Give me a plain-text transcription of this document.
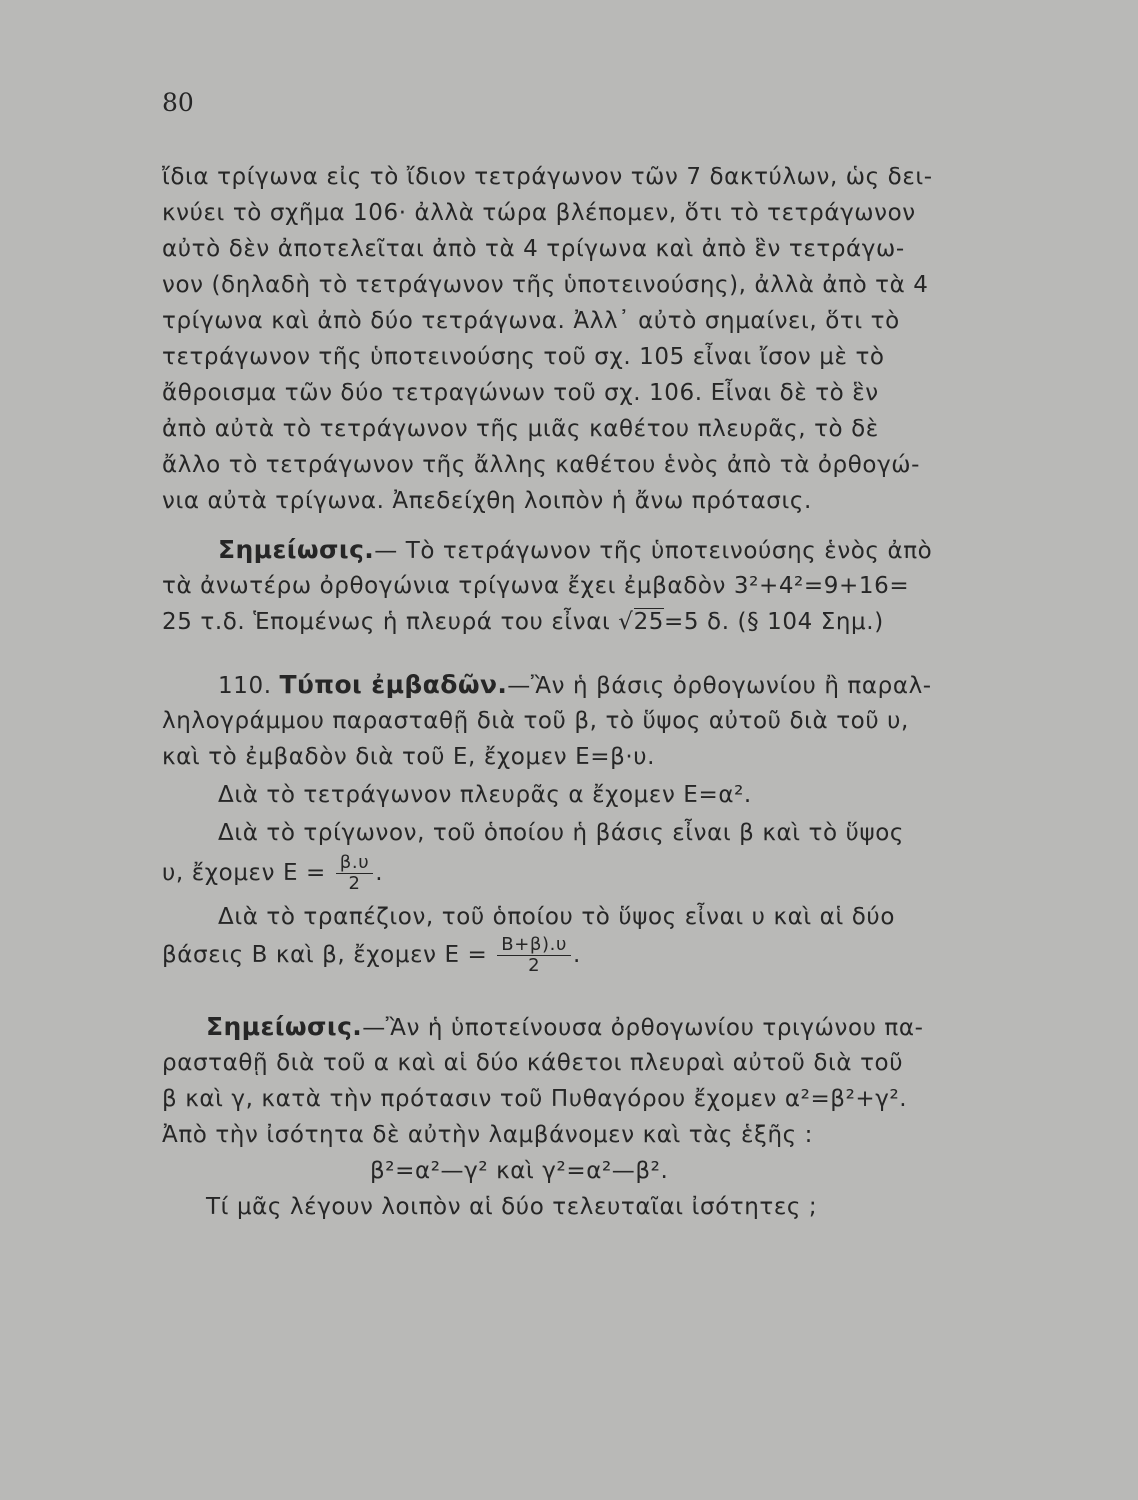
80
ἴδια τρίγωνα εἰς τὸ ἴδιον τετράγωνον τῶν 7 δακτύλων, ὡς δει-
κνύει τὸ σχῆμα 106· ἀλλὰ τώρα βλέπομεν, ὅτι τὸ τετράγωνον
αὐτὸ δὲν ἀποτελεῖται ἀπὸ τὰ 4 τρίγωνα καὶ ἀπὸ ἓν τετράγω-
νον (δηλαδὴ τὸ τετράγωνον τῆς ὑποτεινούσης), ἀλλὰ ἀπὸ τὰ 4
τρίγωνα καὶ ἀπὸ δύο τετράγωνα. Ἀλλ᾿ αὐτὸ σημαίνει, ὅτι τὸ
τετράγωνον τῆς ὑποτεινούσης τοῦ σχ. 105 εἶναι ἴσον μὲ τὸ
ἄθροισμα τῶν δύο τετραγώνων τοῦ σχ. 106. Εἶναι δὲ τὸ ἓν
ἀπὸ αὐτὰ τὸ τετράγωνον τῆς μιᾶς καθέτου πλευρᾶς, τὸ δὲ
ἄλλο τὸ τετράγωνον τῆς ἄλλης καθέτου ἑνὸς ἀπὸ τὰ ὀρθογώ-
νια αὐτὰ τρίγωνα. Ἀπεδείχθη λοιπὸν ἡ ἄνω πρότασις.
Σημείωσις.— Τὸ τετράγωνον τῆς ὑποτεινούσης ἑνὸς ἀπὸ
τὰ ἀνωτέρω ὀρθογώνια τρίγωνα ἔχει ἐμβαδὸν 3²+4²=9+16=
25 τ.δ. Ἑπομένως ἡ πλευρά του εἶναι √25=5 δ. (§ 104 Σημ.)
110. Τύποι ἐμβαδῶν.—Ἂν ἡ βάσις ὀρθογωνίου ἢ παραλ-
ληλογράμμου παρασταθῇ διὰ τοῦ β, τὸ ὕψος αὐτοῦ διὰ τοῦ υ,
καὶ τὸ ἐμβαδὸν διὰ τοῦ Ε, ἔχομεν Ε=β·υ.
Διὰ τὸ τετράγωνον πλευρᾶς α ἔχομεν Ε=α².
Διὰ τὸ τρίγωνον, τοῦ ὁποίου ἡ βάσις εἶναι β καὶ τὸ ὕψος
υ, ἔχομεν $E = \frac{\beta.\upsilon}{2}$ .
Διὰ τὸ τραπέζιον, τοῦ ὁποίου τὸ ὕψος εἶναι υ καὶ αἱ δύο
βάσεις Β καὶ β, ἔχομεν $E = \frac{B+\beta).\upsilon}{2}$ .
Σημείωσις.—Ἂν ἡ ὑποτείνουσα ὀρθογωνίου τριγώνου πα-
ρασταθῇ διὰ τοῦ α καὶ αἱ δύο κάθετοι πλευραὶ αὐτοῦ διὰ τοῦ
β καὶ γ, κατὰ τὴν πρότασιν τοῦ Πυθαγόρου ἔχομεν α²=β²+γ².
Ἀπὸ τὴν ἰσότητα δὲ αὐτὴν λαμβάνομεν καὶ τὰς ἑξῆς :
β²=α²—γ² καὶ γ²=α²—β².
Τί μᾶς λέγουν λοιπὸν αἱ δύο τελευταῖαι ἰσότητες ;
